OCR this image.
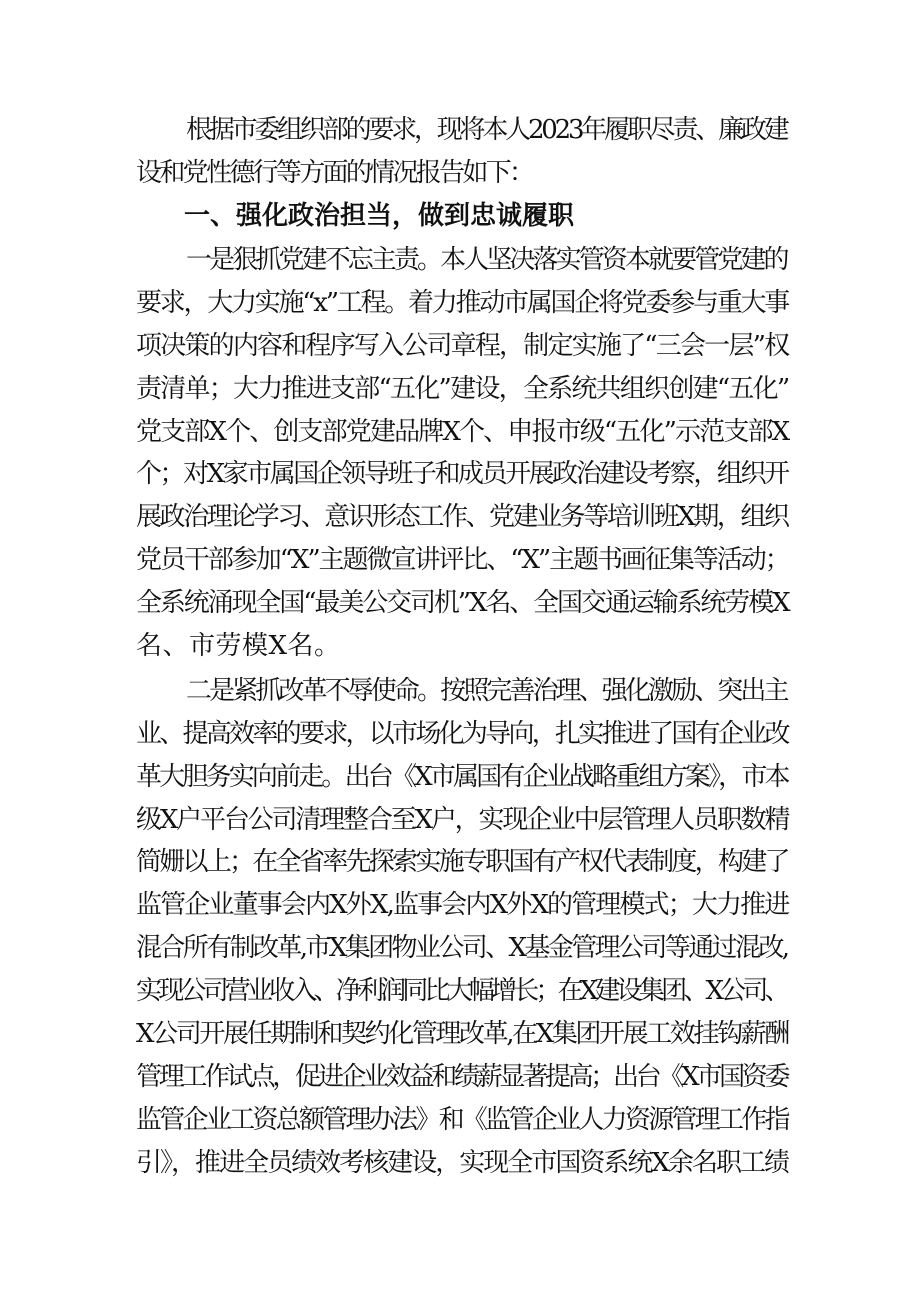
根据市委组织部的要求，现将本人2023年履职尽责、廉政建
设和党性德行等方面的情况报告如下：
一、强化政治担当，做到忠诚履职
一是狠抓党建不忘主责。本人坚决落实管资本就要管党建的
要求，大力实施“x”工程。着力推动市属国企将党委参与重大事
项决策的内容和程序写入公司章程，制定实施了“三会一层”权
责清单；大力推进支部“五化”建设，全系统共组织创建“五化”
党支部X个、创支部党建品牌X个、申报市级“五化”示范支部X
个；对X家市属国企领导班子和成员开展政治建设考察，组织开
展政治理论学习、意识形态工作、党建业务等培训班X期，组织
党员干部参加“X”主题微宣讲评比、“X”主题书画征集等活动；
全系统涌现全国“最美公交司机”X名、全国交通运输系统劳模X
名、市劳模X名。
二是紧抓改革不辱使命。按照完善治理、强化激励、突出主
业、提高效率的要求，以市场化为导向，扎实推进了国有企业改
革大胆务实向前走。出台《X市属国有企业战略重组方案》，市本
级X户平台公司清理整合至X户，实现企业中层管理人员职数精
简姗以上；在全省率先探索实施专职国有产权代表制度，构建了
监管企业董事会内X外X,监事会内X外X的管理模式；大力推进
混合所有制改革,市X集团物业公司、X基金管理公司等通过混改,
实现公司营业收入、净利润同比大幅增长；在X建设集团、X公司、
X公司开展任期制和契约化管理改革,在X集团开展工效挂钩薪酬
管理工作试点，促进企业效益和绩薪显著提高；出台《X市国资委
监管企业工资总额管理办法》和《监管企业人力资源管理工作指
引》，推进全员绩效考核建设，实现全市国资系统X余名职工绩
